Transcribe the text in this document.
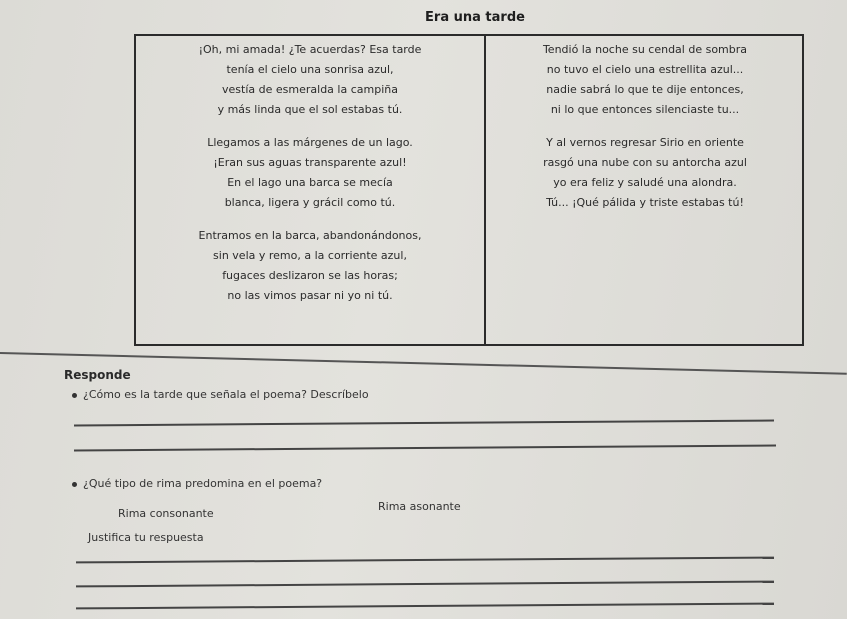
Era una tarde
¡Oh, mi amada! ¿Te acuerdas? Esa tarde
tenía el cielo una sonrisa azul,
vestía de esmeralda la campiña
y más linda que el sol estabas tú.
Llegamos a las márgenes de un lago.
¡Eran sus aguas transparente azul!
En el lago una barca se mecía
blanca, ligera y grácil como tú.
Entramos en la barca, abandonándonos,
sin vela y remo, a la corriente azul,
fugaces deslizaron se las horas;
no las vimos pasar ni yo ni tú.
Tendió la noche su cendal de sombra
no tuvo el cielo una estrellita azul...
nadie sabrá lo que te dije entonces,
ni lo que entonces silenciaste tu...
Y al vernos regresar Sirio en oriente
rasgó una nube con su antorcha azul
yo era feliz y saludé una alondra.
Tú... ¡Qué pálida y triste estabas tú!
Responde
¿Cómo es la tarde que señala el poema? Descríbelo
¿Qué tipo de rima predomina en el poema?
Rima consonante
Rima asonante
Justifica tu respuesta
